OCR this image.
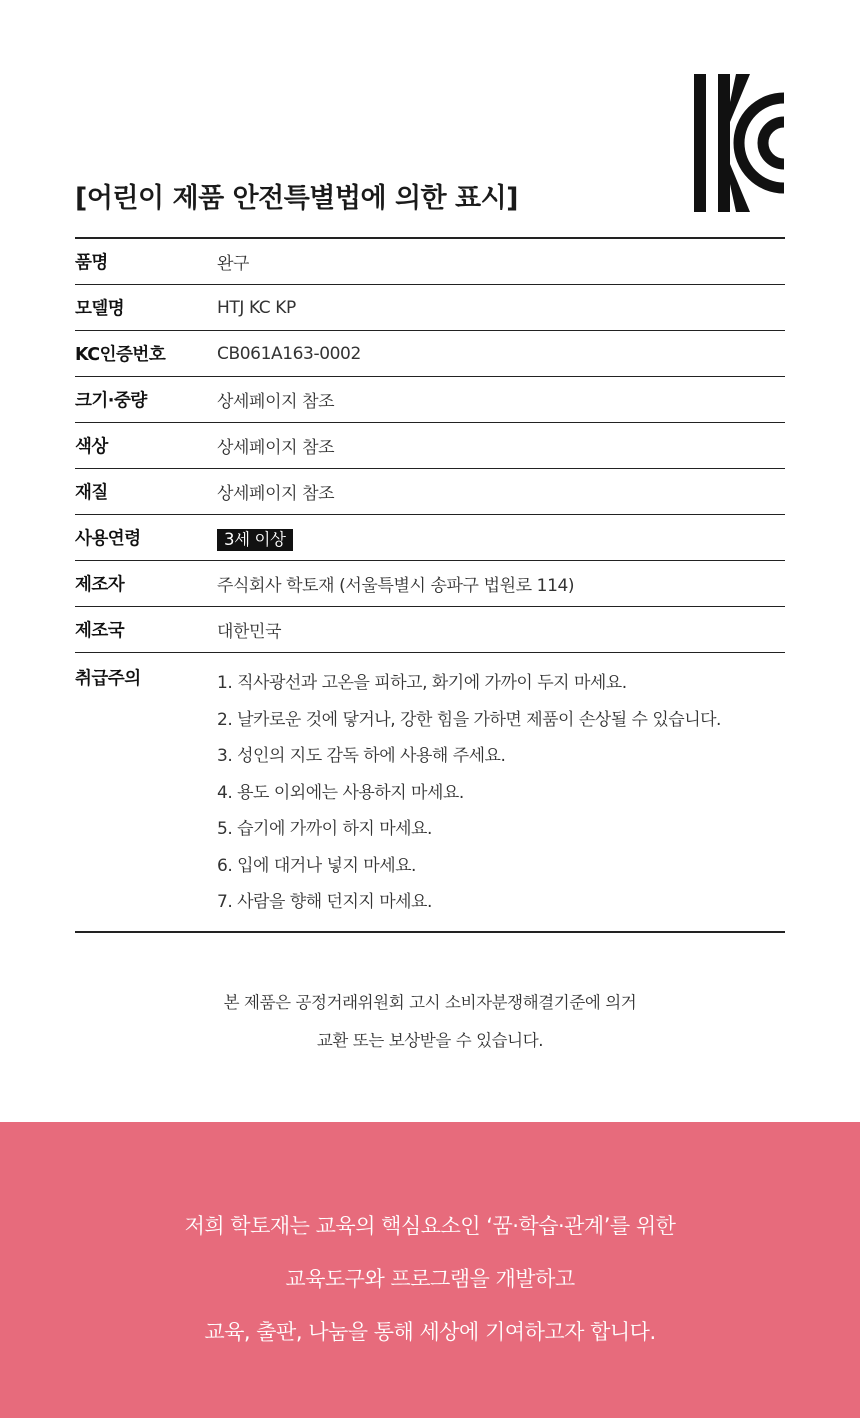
[어린이 제품 안전특별법에 의한 표시]
품명	완구
모델명	HTJ KC KP
KC인증번호	CB061A163-0002
크기·중량	상세페이지 참조
색상	상세페이지 참조
재질	상세페이지 참조
사용연령	3세 이상
제조자	주식회사 학토재 (서울특별시 송파구 법원로 114)
제조국	대한민국
취급주의	1. 직사광선과 고온을 피하고, 화기에 가까이 두지 마세요.
2. 날카로운 것에 닿거나, 강한 힘을 가하면 제품이 손상될 수 있습니다.
3. 성인의 지도 감독 하에 사용해 주세요.
4. 용도 이외에는 사용하지 마세요.
5. 습기에 가까이 하지 마세요.
6. 입에 대거나 넣지 마세요.
7. 사람을 향해 던지지 마세요.

본 제품은 공정거래위원회 고시 소비자분쟁해결기준에 의거

교환 또는 보상받을 수 있습니다.

저희 학토재는 교육의 핵심요소인 ‘꿈·학습·관계’를 위한

교육도구와 프로그램을 개발하고

교육, 출판, 나눔을 통해 세상에 기여하고자 합니다.
